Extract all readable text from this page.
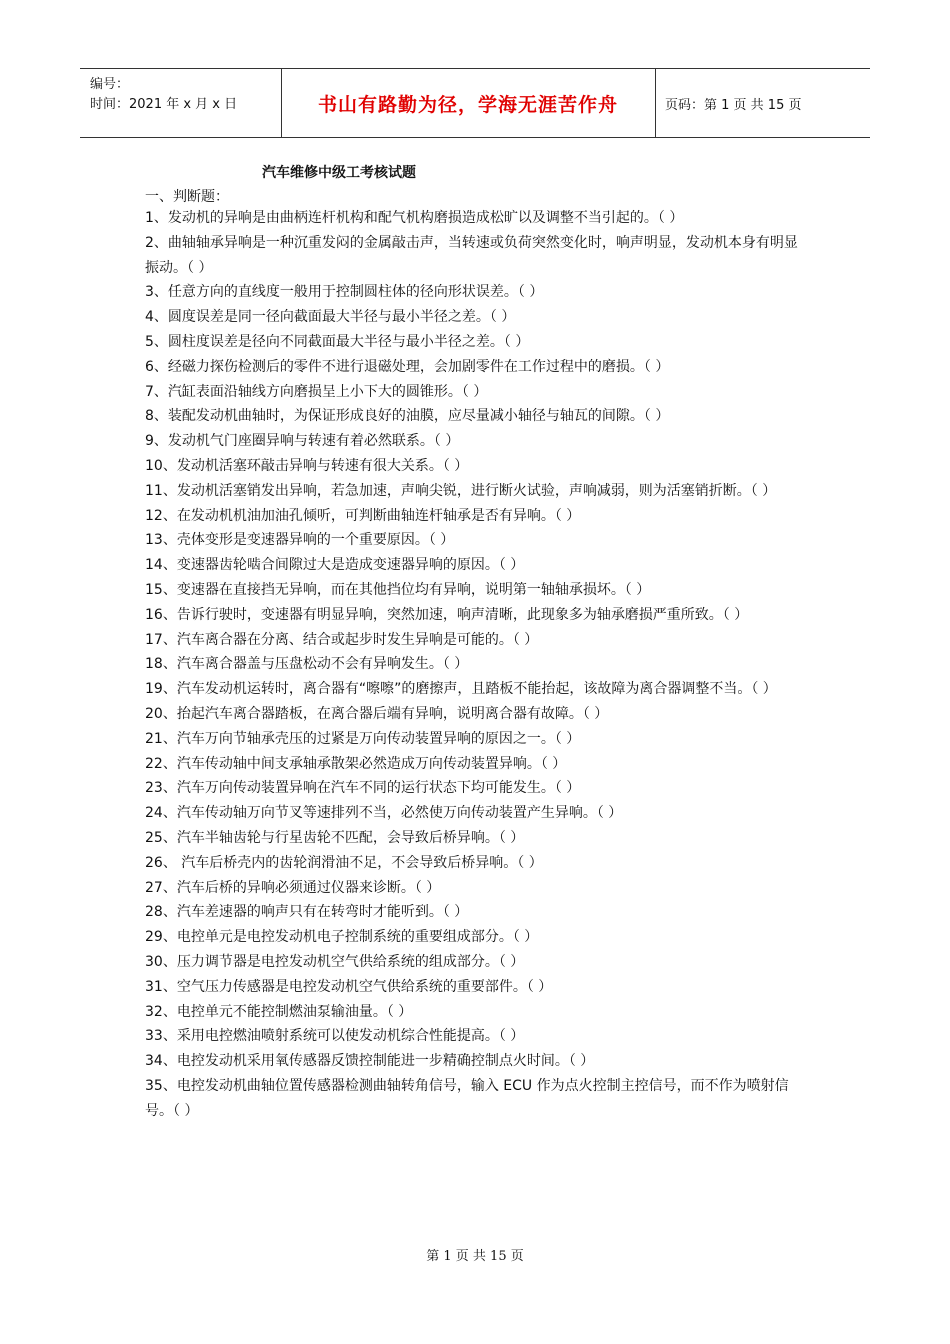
编号：
时间：2021 年 x 月 x 日	书山有路勤为径，学海无涯苦作舟	页码：第 1 页 共 15 页
汽车维修中级工考核试题
一、判断题：

1、发动机的异响是由曲柄连杆机构和配气机构磨损造成松旷以及调整不当引起的。（ ）

2、曲轴轴承异响是一种沉重发闷的金属敲击声，当转速或负荷突然变化时，响声明显，发动机本身有明显振动。（ ）

3、任意方向的直线度一般用于控制圆柱体的径向形状误差。（ ）

4、圆度误差是同一径向截面最大半径与最小半径之差。（ ）

5、圆柱度误差是径向不同截面最大半径与最小半径之差。（ ）

6、经磁力探伤检测后的零件不进行退磁处理，会加剧零件在工作过程中的磨损。（ ）

7、汽缸表面沿轴线方向磨损呈上小下大的圆锥形。（ ）

8、装配发动机曲轴时，为保证形成良好的油膜，应尽量减小轴径与轴瓦的间隙。（ ）

9、发动机气门座圈异响与转速有着必然联系。（ ）

10、发动机活塞环敲击异响与转速有很大关系。（ ）

11、发动机活塞销发出异响，若急加速，声响尖锐，进行断火试验，声响减弱，则为活塞销折断。（ ）

12、在发动机机油加油孔倾听，可判断曲轴连杆轴承是否有异响。（ ）

13、壳体变形是变速器异响的一个重要原因。（ ）

14、变速器齿轮啮合间隙过大是造成变速器异响的原因。（ ）

15、变速器在直接挡无异响，而在其他挡位均有异响，说明第一轴轴承损坏。（ ）

16、告诉行驶时，变速器有明显异响，突然加速，响声清晰，此现象多为轴承磨损严重所致。（ ）

17、汽车离合器在分离、结合或起步时发生异响是可能的。（ ）

18、汽车离合器盖与压盘松动不会有异响发生。（ ）

19、汽车发动机运转时，离合器有“嚓嚓”的磨擦声，且踏板不能抬起，该故障为离合器调整不当。（ ）

20、抬起汽车离合器踏板，在离合器后端有异响，说明离合器有故障。（ ）

21、汽车万向节轴承壳压的过紧是万向传动装置异响的原因之一。（ ）

22、汽车传动轴中间支承轴承散架必然造成万向传动装置异响。（ ）

23、汽车万向传动装置异响在汽车不同的运行状态下均可能发生。（ ）

24、汽车传动轴万向节叉等速排列不当，必然使万向传动装置产生异响。（ ）

25、汽车半轴齿轮与行星齿轮不匹配，会导致后桥异响。（ ）

26、 汽车后桥壳内的齿轮润滑油不足，不会导致后桥异响。（ ）

27、汽车后桥的异响必须通过仪器来诊断。（ ）

28、汽车差速器的响声只有在转弯时才能听到。（ ）

29、电控单元是电控发动机电子控制系统的重要组成部分。（ ）

30、压力调节器是电控发动机空气供给系统的组成部分。（ ）

31、空气压力传感器是电控发动机空气供给系统的重要部件。（ ）

32、电控单元不能控制燃油泵输油量。（ ）

33、采用电控燃油喷射系统可以使发动机综合性能提高。（ ）

34、电控发动机采用氧传感器反馈控制能进一步精确控制点火时间。（ ）

35、电控发动机曲轴位置传感器检测曲轴转角信号，输入 ECU 作为点火控制主控信号，而不作为喷射信号。（ ）

第 1 页 共 15 页
